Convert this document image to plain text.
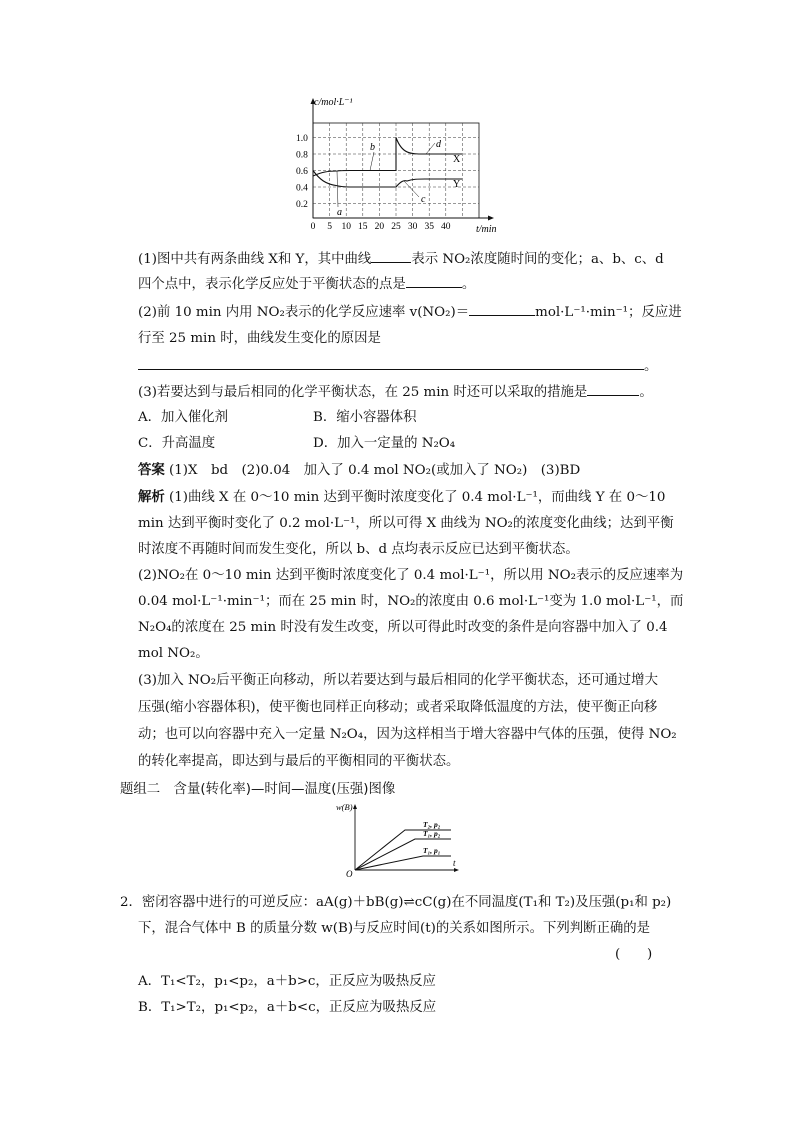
c/mol·L⁻¹
1.0
0.8
0.6
0.4
0.2
0 5 10 15 20 25 30 35 40	t/min
a
b
c
d
X
Y
(1)图中共有两条曲线 X和 Y，其中曲线	表示 NO₂浓度随时间的变化；a、b、c、d
四个点中，表示化学反应处于平衡状态的点是	。
(2)前 10 min 内用 NO₂表示的化学反应速率 v(NO₂)＝	mol·L⁻¹·min⁻¹；反应进
行至 25 min 时，曲线发生变化的原因是
。
(3)若要达到与最后相同的化学平衡状态，在 25 min 时还可以采取的措施是	。
A．加入催化剂	B．缩小容器体积
C．升高温度	D．加入一定量的 N₂O₄
答案 (1)X　bd　(2)0.04　加入了 0.4 mol NO₂(或加入了 NO₂)　(3)BD
解析 (1)曲线 X 在 0～10 min 达到平衡时浓度变化了 0.4 mol·L⁻¹，而曲线 Y 在 0～10
min 达到平衡时变化了 0.2 mol·L⁻¹，所以可得 X 曲线为 NO₂的浓度变化曲线；达到平衡
时浓度不再随时间而发生变化，所以 b、d 点均表示反应已达到平衡状态。
(2)NO₂在 0～10 min 达到平衡时浓度变化了 0.4 mol·L⁻¹，所以用 NO₂表示的反应速率为
0.04 mol·L⁻¹·min⁻¹；而在 25 min 时，NO₂的浓度由 0.6 mol·L⁻¹变为 1.0 mol·L⁻¹，而
N₂O₄的浓度在 25 min 时没有发生改变，所以可得此时改变的条件是向容器中加入了 0.4
mol NO₂。
(3)加入 NO₂后平衡正向移动，所以若要达到与最后相同的化学平衡状态，还可通过增大
压强(缩小容器体积)，使平衡也同样正向移动；或者采取降低温度的方法，使平衡正向移
动；也可以向容器中充入一定量 N₂O₄，因为这样相当于增大容器中气体的压强，使得 NO₂
的转化率提高，即达到与最后的平衡相同的平衡状态。
题组二　含量(转化率)—时间—温度(压强)图像
w(B)
O
t
T₂, p₂
T₁, p₂
T₁, p₁
2．密闭容器中进行的可逆反应：aA(g)＋bB(g)⇌cC(g)在不同温度(T₁和 T₂)及压强(p₁和 p₂)
下，混合气体中 B 的质量分数 w(B)与反应时间(t)的关系如图所示。下列判断正确的是
(　　)
A．T₁<T₂，p₁<p₂，a＋b>c，正反应为吸热反应
B．T₁>T₂，p₁<p₂，a＋b<c，正反应为吸热反应
